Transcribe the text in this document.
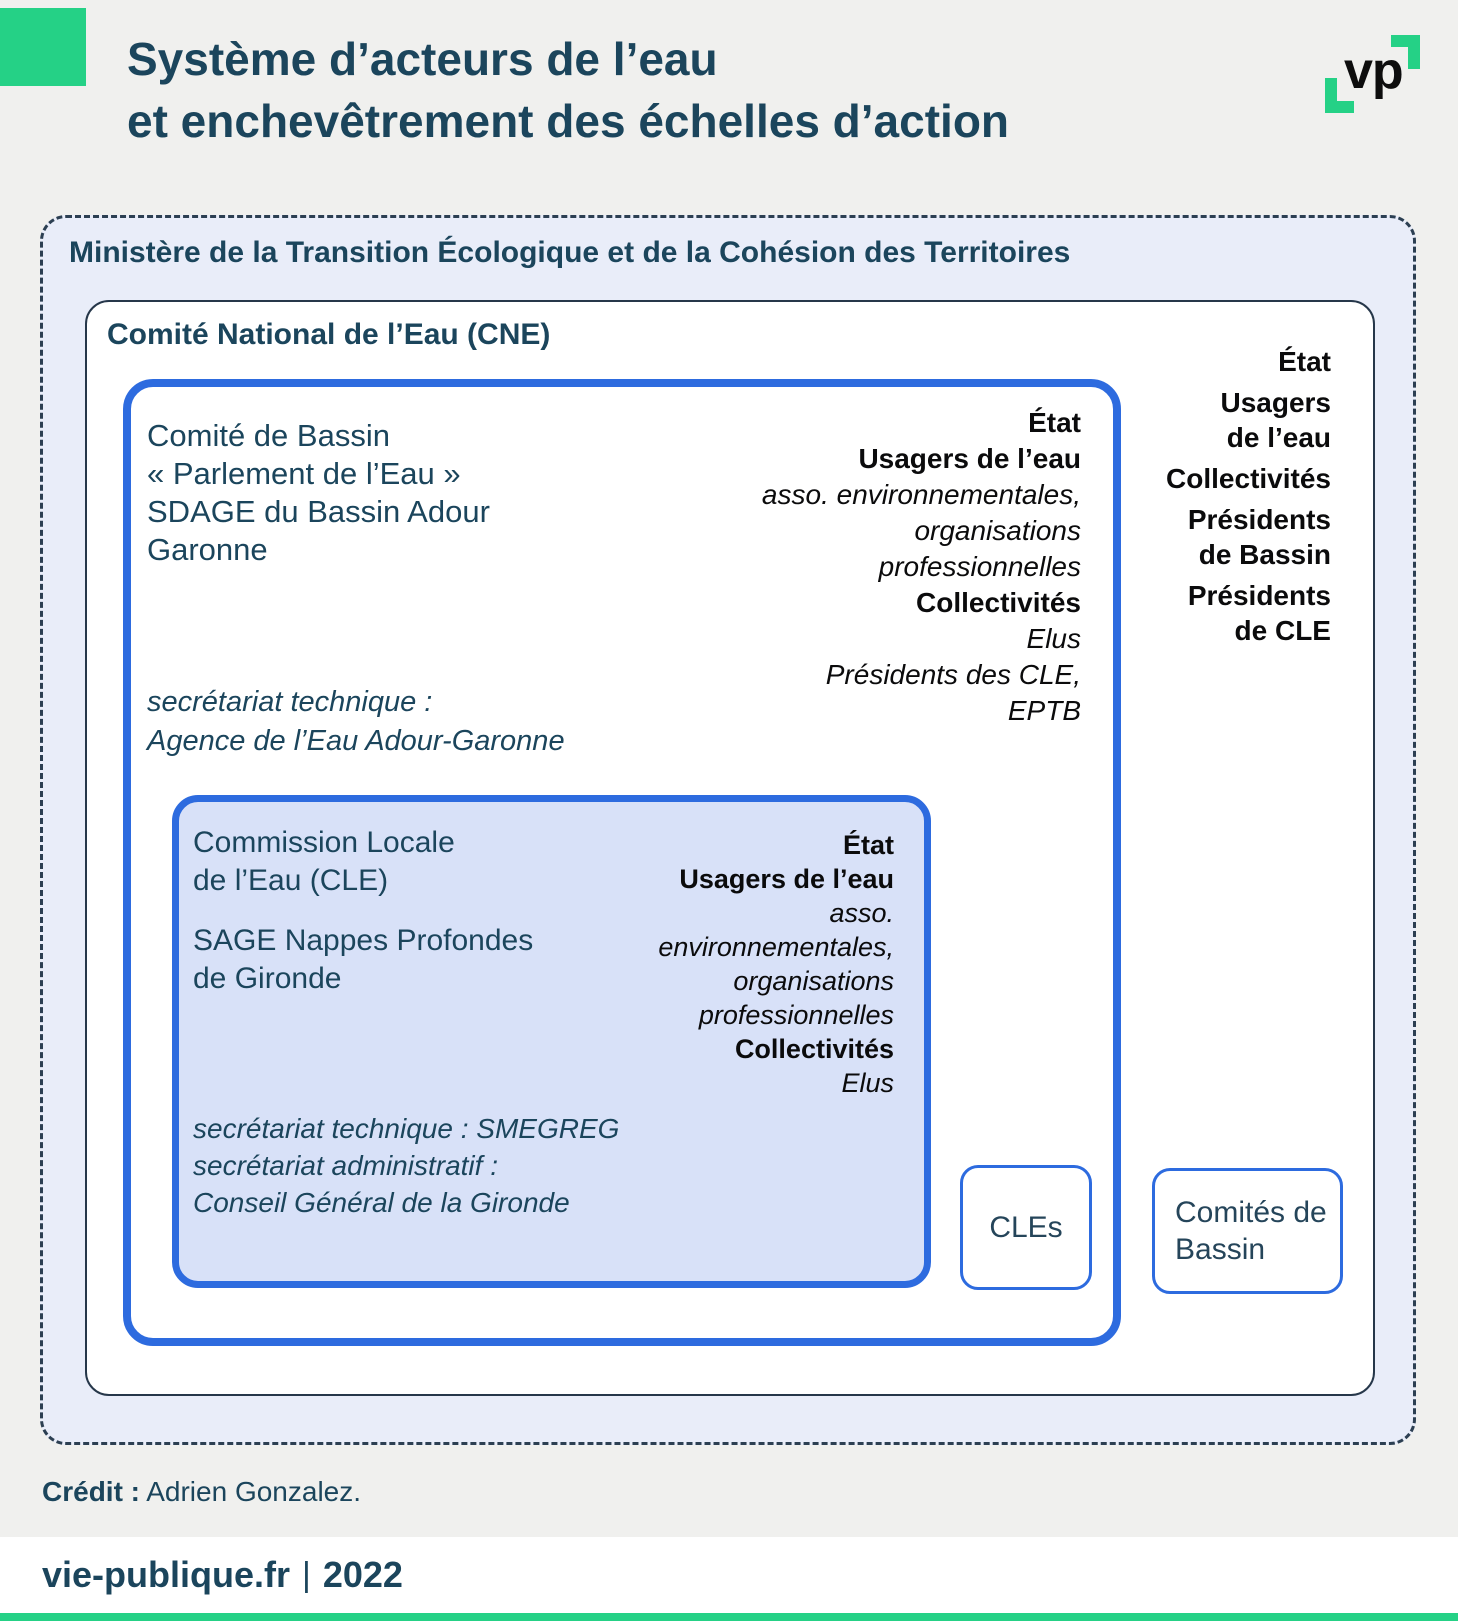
Système d’acteurs de l’eau
et enchevêtrement des échelles d’action
vp
Ministère de la Transition Écologique et de la Cohésion des Territoires
Comité National de l’Eau (CNE)
État
Usagers
de l’eau
Collectivités
Présidents
de Bassin
Présidents
de CLE
Comité de Bassin
« Parlement de l’Eau »
SDAGE du Bassin Adour
Garonne
État
Usagers de l’eau
asso. environnementales,
organisations
professionnelles
Collectivités
Elus
Présidents des CLE,
EPTB
secrétariat technique :
Agence de l’Eau Adour-Garonne
Commission Locale
de l’Eau (CLE)
SAGE Nappes Profondes
de Gironde
État
Usagers de l’eau
asso.
environnementales,
organisations
professionnelles
Collectivités
Elus
secrétariat technique : SMEGREG
secrétariat administratif :
Conseil Général de la Gironde
CLEs	Comités de Bassin
Crédit : Adrien Gonzalez.
vie-publique.fr | 2022
